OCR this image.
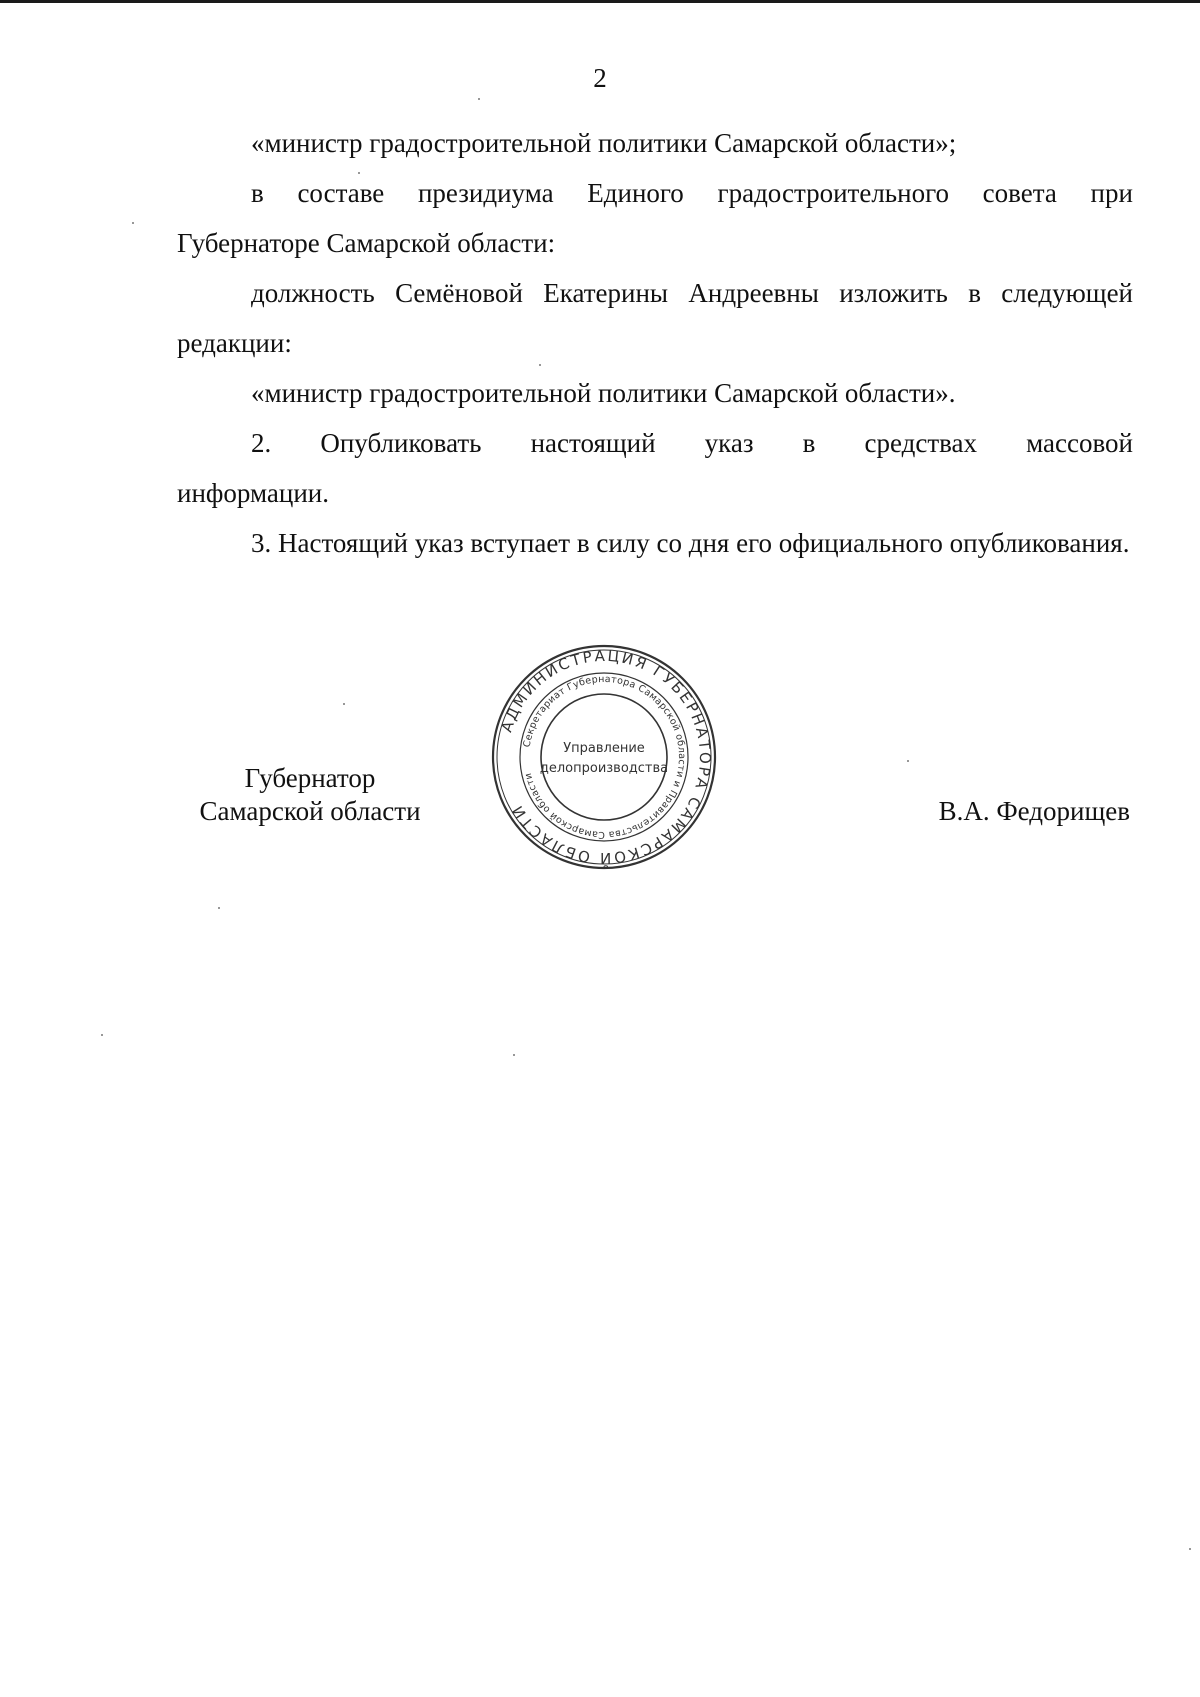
2

«министр градостроительной политики Самарской области»;

в составе президиума Единого градостроительного совета при

Губернаторе Самарской области:

должность Семёновой Екатерины Андреевны изложить в следующей редакции:

«министр градостроительной политики Самарской области».

2. Опубликовать настоящий указ в средствах массовой

информации.

3. Настоящий указ вступает в силу со дня его официального опубликования.

Губернатор
Самарской области
АДМИНИСТРАЦИЯ ГУБЕРНАТОРА САМАРСКОЙ ОБЛАСТИ
Секретариат Губернатора Самарской области и Правительства Самарской области
Управление
делопроизводства
В.А. Федорищев
